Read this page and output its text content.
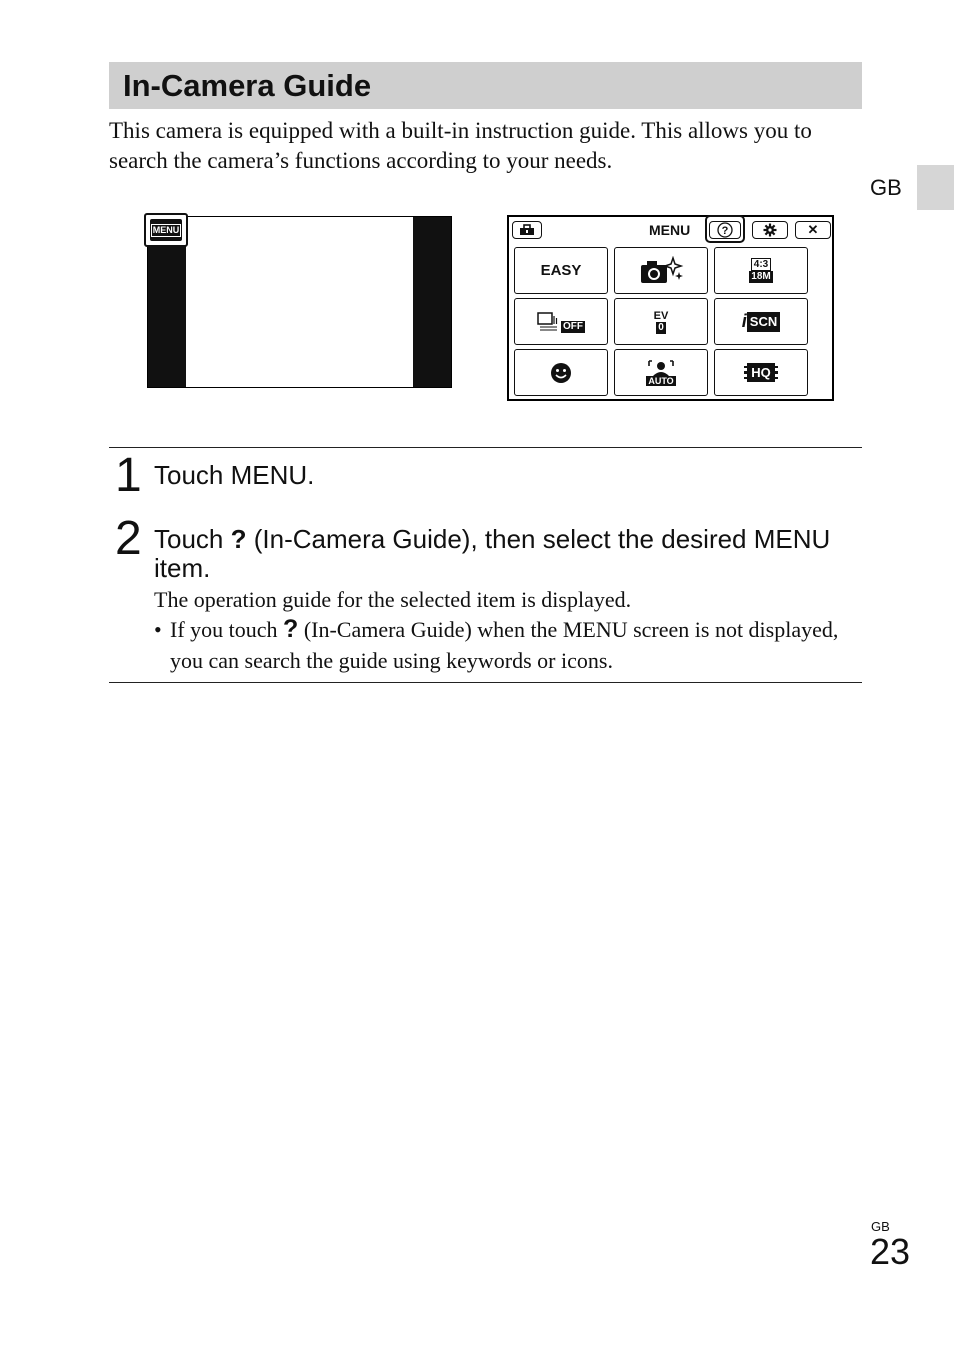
In-Camera Guide
This camera is equipped with a built-in instruction guide. This allows you to search the camera’s functions according to your needs.
GB
MENU	MENU	?	✕
EASY	4:3
18M
OFF
EV
0	i SCN
AUTO
HQ
1 Touch MENU.
2 Touch ? (In-Camera Guide), then select the desired MENU item.
The operation guide for the selected item is displayed.
• If you touch ? (In-Camera Guide) when the MENU screen is not displayed, you can search the guide using keywords or icons.
GB
23
